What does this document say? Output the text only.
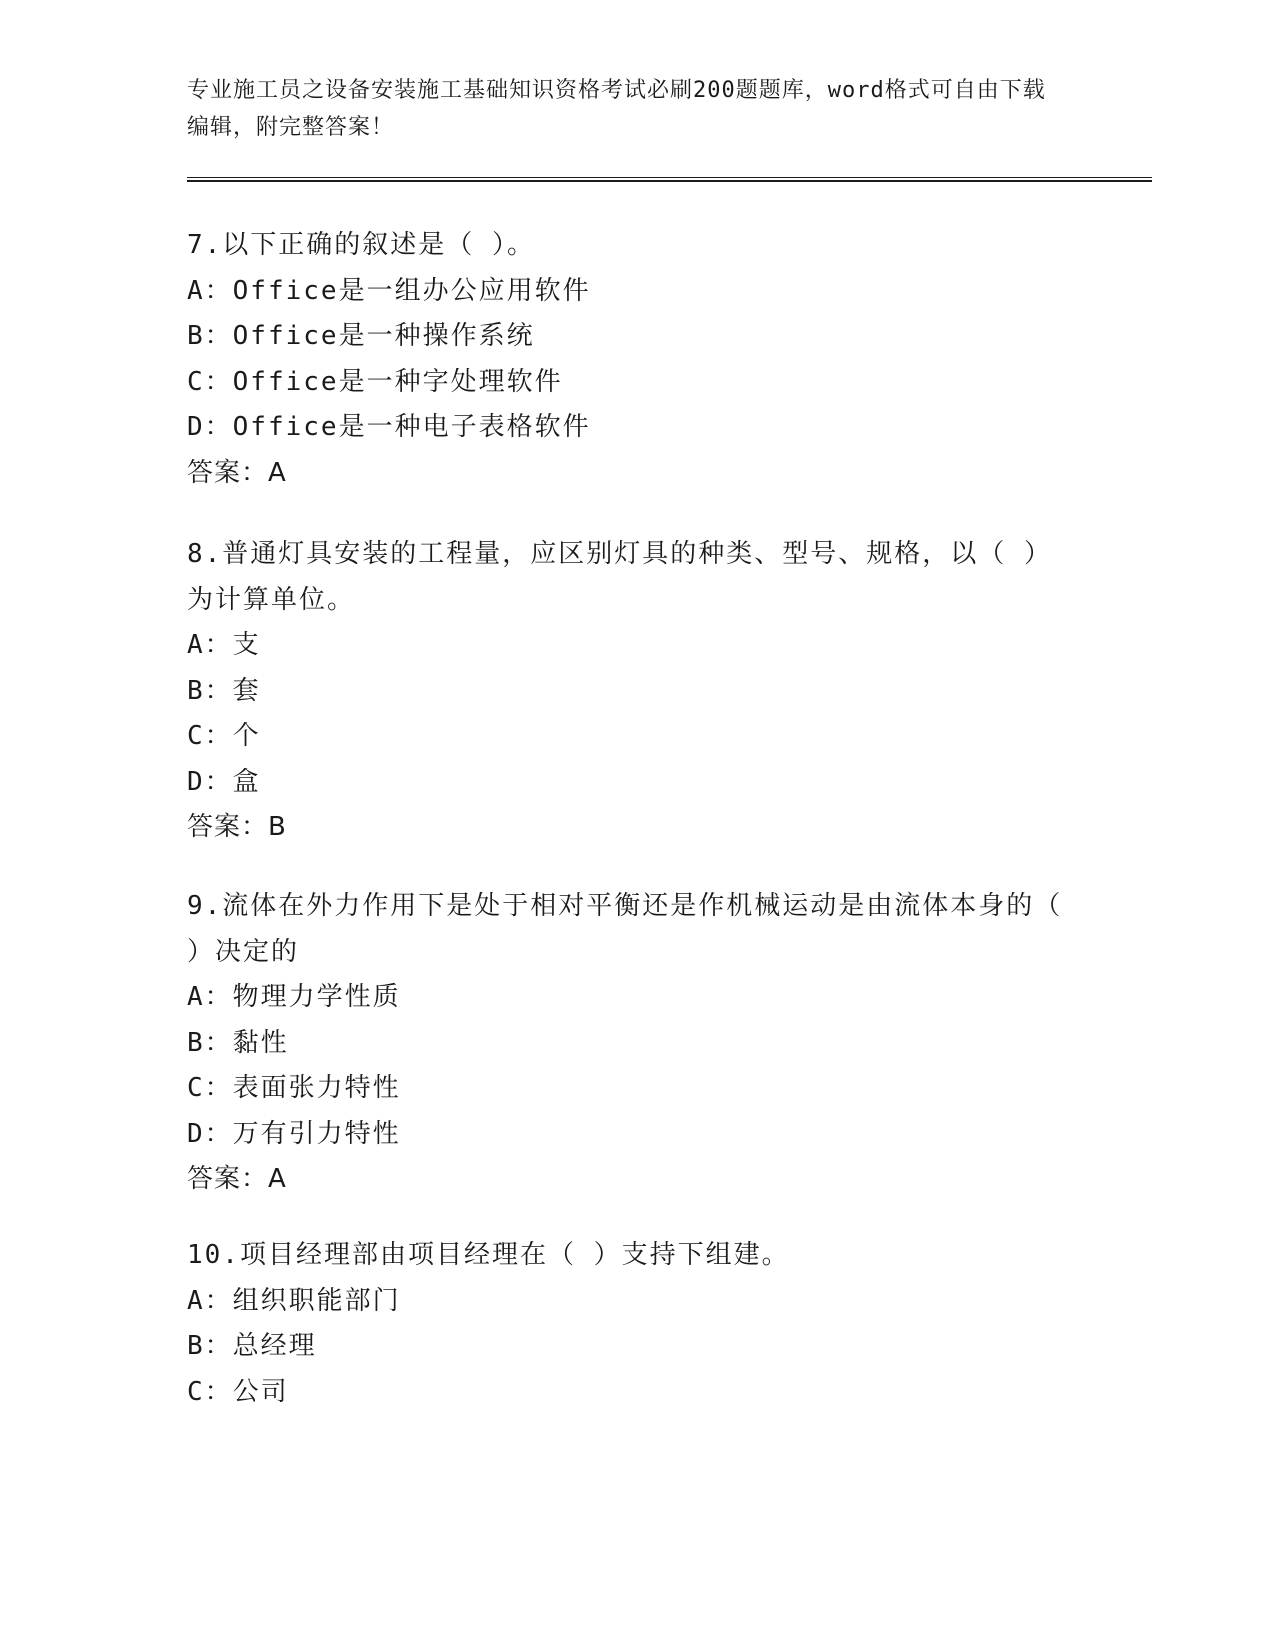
专业施工员之设备安装施工基础知识资格考试必刷200题题库，word格式可自由下载编辑，附完整答案！
7.以下正确的叙述是（ ）。
A：Office是一组办公应用软件
B：Office是一种操作系统
C：Office是一种字处理软件
D：Office是一种电子表格软件
答案：A
8.普通灯具安装的工程量，应区别灯具的种类、型号、规格，以（ ）为计算单位。
A：支
B：套
C：个
D：盒
答案：B
9.流体在外力作用下是处于相对平衡还是作机械运动是由流体本身的（ ）决定的
A：物理力学性质
B：黏性
C：表面张力特性
D：万有引力特性
答案：A
10.项目经理部由项目经理在（ ）支持下组建。
A：组织职能部门
B：总经理
C：公司
